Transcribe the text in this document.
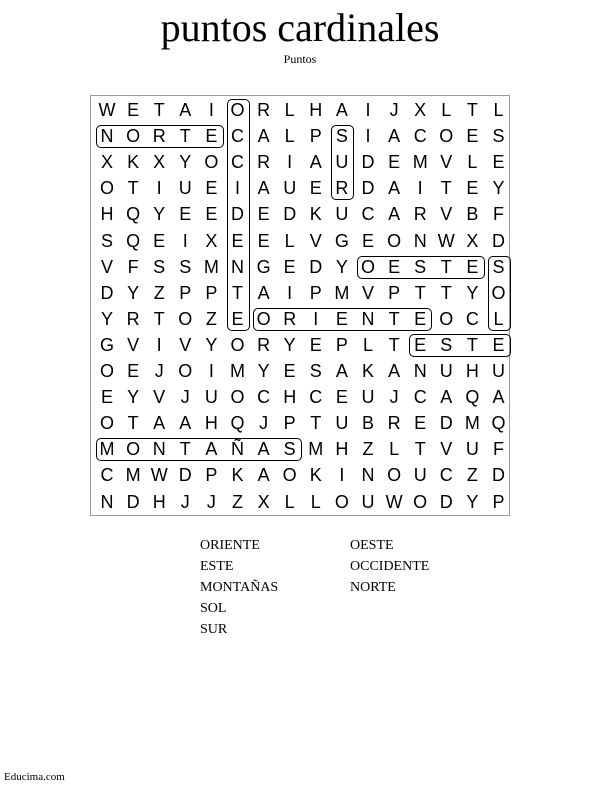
puntos cardinales
Puntos
W E T A I O R L H A I	J X L T L
N O R T E C A L P S I A C O E S
X K X Y O C R I A U D E M V L E
O T	I U E I A U E R D A I	T E Y
H Q Y E E D E D K U C A R V B F
S Q E I X E E L V G E O N W X D
V F S S M N G E D Y O E S T E S
D Y Z P P T A I P M V P T T Y O
Y R T O Z E O R I E N T E O C L
G V I V Y O R Y E P L T E S T E
O E J O I M Y E S A K A N U H U
E Y V J U O C H C E U J C A Q A
O T A A H Q J P T U B R E D M Q
M O N T A Ñ A S M H Z L T V U F
C M W D P K A O K I N O U C Z D
N D H J J Z X L L O U W O D Y P
ORIENTE
ESTE
MONTAÑAS
SOL
SUR
OESTE
OCCIDENTE
NORTE
Educima.com
